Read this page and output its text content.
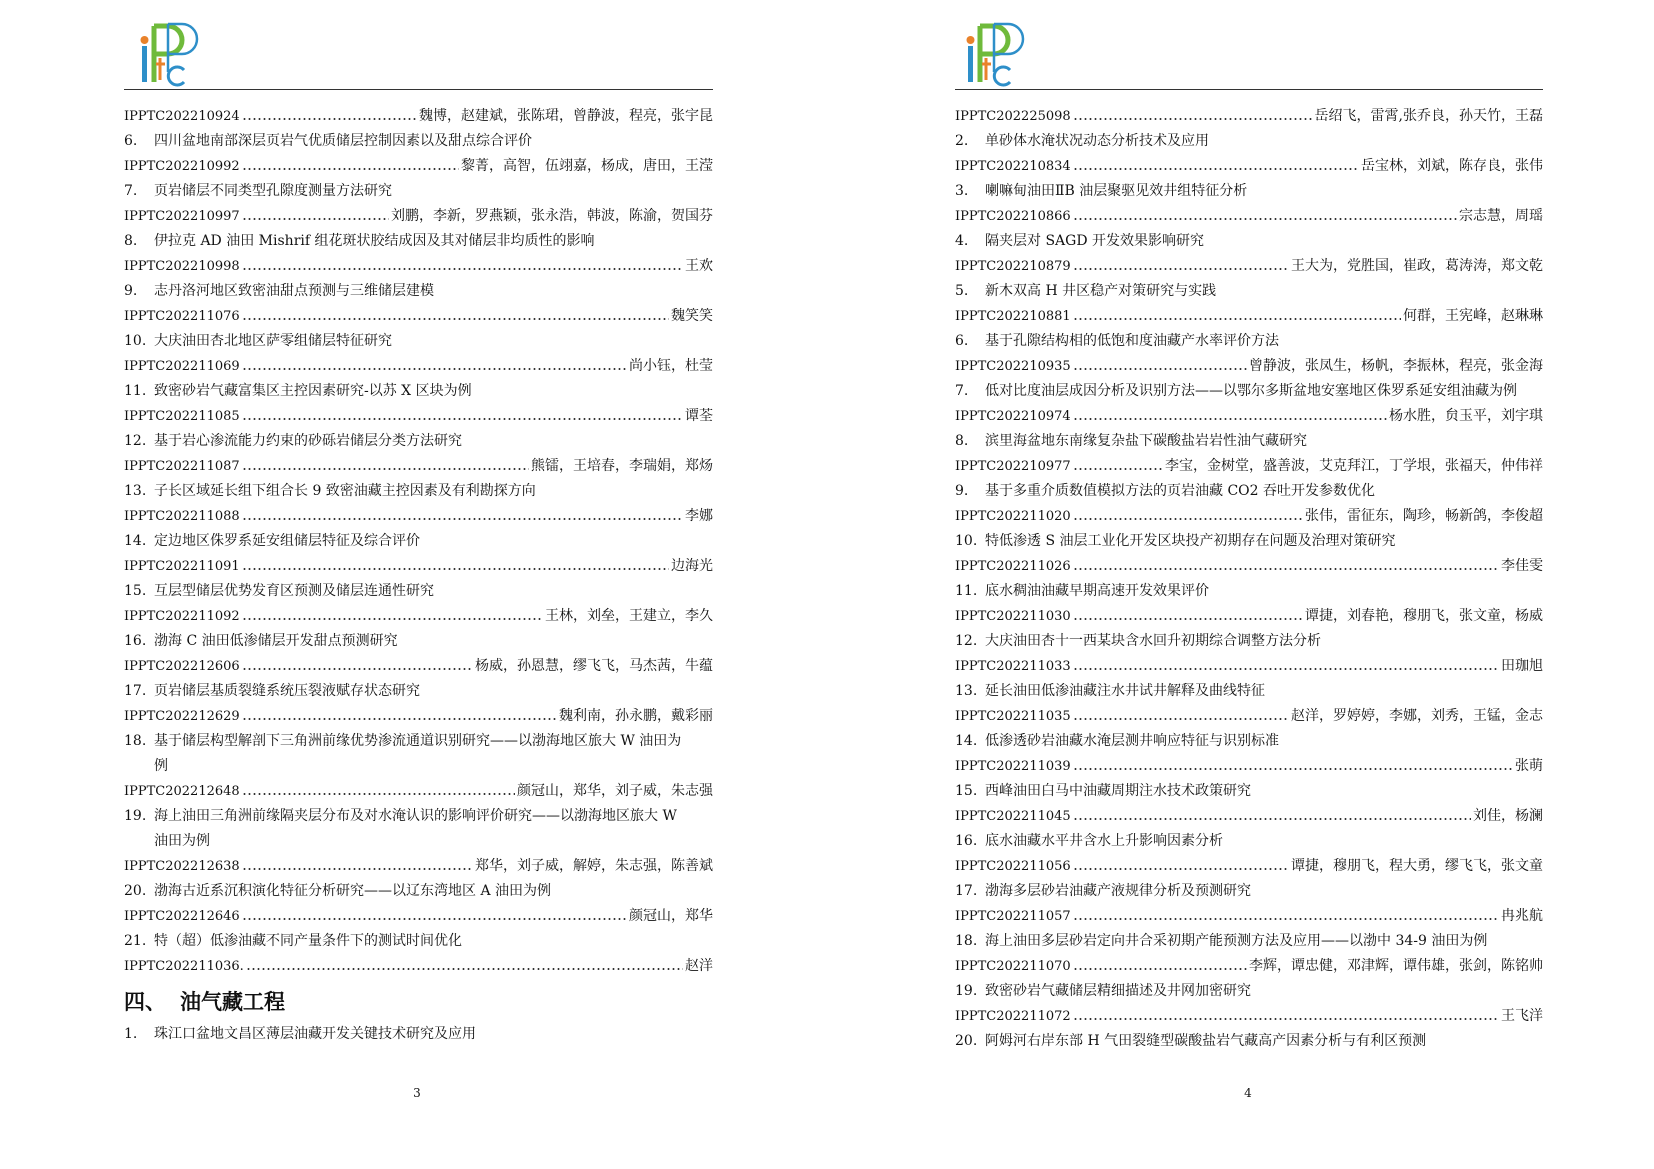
IPPTC202210924	魏博，赵建斌，张陈珺，曾静波，程亮，张宇昆
6.	四川盆地南部深层页岩气优质储层控制因素以及甜点综合评价
IPPTC202210992	黎菁，高智，伍翊嘉，杨成，唐田，王滢
7.	页岩储层不同类型孔隙度测量方法研究
IPPTC202210997	刘鹏，李新，罗燕颖，张永浩，韩波，陈渝，贺国芬
8.	伊拉克 AD 油田 Mishrif 组花斑状胶结成因及其对储层非均质性的影响
IPPTC202210998	王欢
9.	志丹洛河地区致密油甜点预测与三维储层建模
IPPTC202211076	魏笑笑
10. 大庆油田杏北地区萨零组储层特征研究
IPPTC202211069	尚小钰，杜莹
11. 致密砂岩气藏富集区主控因素研究-以苏 X 区块为例
IPPTC202211085	谭荃
12. 基于岩心渗流能力约束的砂砾岩储层分类方法研究
IPPTC202211087	熊镭，王培春，李瑞娟，郑炀
13. 子长区域延长组下组合长 9 致密油藏主控因素及有利勘探方向
IPPTC202211088	李娜
14. 定边地区侏罗系延安组储层特征及综合评价
IPPTC202211091	边海光
15. 互层型储层优势发育区预测及储层连通性研究
IPPTC202211092	王林，刘垒，王建立，李久
16. 渤海 C 油田低渗储层开发甜点预测研究
IPPTC202212606	杨威，孙恩慧，缪飞飞，马杰茜，牛蕴
17. 页岩储层基质裂缝系统压裂液赋存状态研究
IPPTC202212629	魏利南，孙永鹏，戴彩丽
18. 基于储层构型解剖下三角洲前缘优势渗流通道识别研究——以渤海地区旅大 W 油田为
例
IPPTC202212648	颜冠山，郑华，刘子威，朱志强
19. 海上油田三角洲前缘隔夹层分布及对水淹认识的影响评价研究——以渤海地区旅大 W
油田为例
IPPTC202212638	郑华，刘子威，解婷，朱志强，陈善斌
20. 渤海古近系沉积演化特征分析研究——以辽东湾地区 A 油田为例
IPPTC202212646	颜冠山，郑华
21. 特（超）低渗油藏不同产量条件下的测试时间优化
IPPTC202211036.	赵洋
四、 油气藏工程
1.	珠江口盆地文昌区薄层油藏开发关键技术研究及应用
3
IPPTC202225098	岳绍飞，雷霄,张乔良，孙天竹，王磊
2.	单砂体水淹状况动态分析技术及应用
IPPTC202210834	岳宝林，刘斌，陈存良，张伟
3.	喇嘛甸油田ⅡB 油层聚驱见效井组特征分析
IPPTC202210866	宗志慧，周瑶
4.	隔夹层对 SAGD 开发效果影响研究
IPPTC202210879	王大为，党胜国，崔政，葛涛涛，郑文乾
5.	新木双高 H 井区稳产对策研究与实践
IPPTC202210881	何群，王宪峰，赵琳琳
6.	基于孔隙结构相的低饱和度油藏产水率评价方法
IPPTC202210935	曾静波，张凤生，杨帆，李振林，程亮，张金海
7.	低对比度油层成因分析及识别方法——以鄂尔多斯盆地安塞地区侏罗系延安组油藏为例
IPPTC202210974	杨水胜，贠玉平，刘宇琪
8.	滨里海盆地东南缘复杂盐下碳酸盐岩岩性油气藏研究
IPPTC202210977	李宝，金树堂，盛善波，艾克拜江，丁学垠，张福天，仲伟祥
9.	基于多重介质数值模拟方法的页岩油藏 CO2 吞吐开发参数优化
IPPTC202211020	张伟，雷征东，陶珍，畅新鸽，李俊超
10. 特低渗透 S 油层工业化开发区块投产初期存在问题及治理对策研究
IPPTC202211026	李佳雯
11. 底水稠油油藏早期高速开发效果评价
IPPTC202211030	谭捷，刘春艳，穆朋飞，张文童，杨威
12. 大庆油田杏十一西某块含水回升初期综合调整方法分析
IPPTC202211033	田珈旭
13. 延长油田低渗油藏注水井试井解释及曲线特征
IPPTC202211035	赵洋，罗婷婷，李娜，刘秀，王锰，金志
14. 低渗透砂岩油藏水淹层测井响应特征与识别标准
IPPTC202211039	张萌
15. 西峰油田白马中油藏周期注水技术政策研究
IPPTC202211045	刘佳，杨澜
16. 底水油藏水平井含水上升影响因素分析
IPPTC202211056	谭捷，穆朋飞，程大勇，缪飞飞，张文童
17. 渤海多层砂岩油藏产液规律分析及预测研究
IPPTC202211057	冉兆航
18. 海上油田多层砂岩定向井合采初期产能预测方法及应用——以渤中 34-9 油田为例
IPPTC202211070	李辉，谭忠健，邓津辉，谭伟雄，张剑，陈铭帅
19. 致密砂岩气藏储层精细描述及井网加密研究
IPPTC202211072	王飞洋
20. 阿姆河右岸东部 H 气田裂缝型碳酸盐岩气藏高产因素分析与有利区预测
4
